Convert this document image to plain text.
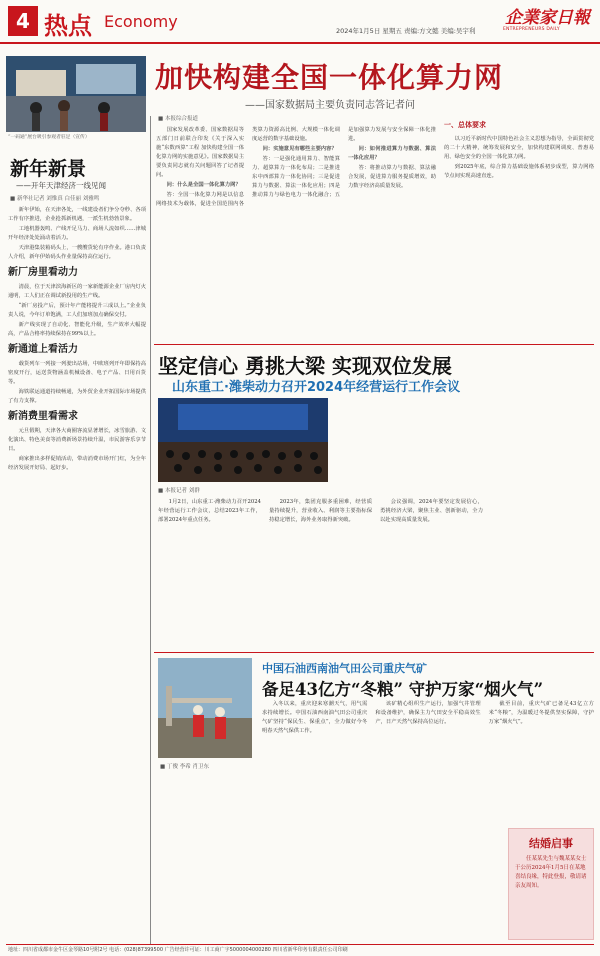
4 热点 Economy	2024年1月5日 星期五 责编:方文懿 美编:吴宇利
企業家日報
ENTREPRENEURS DAILY
加快构建全国一体化算力网
——国家数据局主要负责同志答记者问
“一码通”展台吸引参观者驻足（宣传）
新年新景
——开年天津经济一线见闻
■ 新华社记者 刘惟真 白佳丽 刘雅鸣

新年伊始，在天津各处，一线建设者们争分夺秒、各项工作有序推进，企业抢抓新机遇，一派生机勃勃景象。

工地机器轰鸣、产线开足马力、商场人流如织……津城开年经济处处涌动着活力。

天津港集装箱码头上，一艘艘货轮有序作业。港口负责人介绍，新年伊始码头作业量保持高位运行。

新厂房里看动力

清晨，位于天津滨海新区的一家新能源企业厂房内灯火通明，工人们正在调试新投用的生产线。

“新厂房投产后，预计年产能将提升三成以上。”企业负责人说，今年订单饱满，工人们加班加点确保交付。

新产线实现了自动化、智能化升级，生产效率大幅提高，产品合格率持续保持在99%以上。

新通道上看活力

载货列车一列接一列驶出站场，中欧班列开年即保持高密度开行，运送货物涵盖机械设备、电子产品、日用百货等。

海铁联运通道持续畅通，为外贸企业开拓国际市场提供了有力支撑。

新消费里看需求

元旦假期，天津各大商圈客流显著增长，冰雪旅游、文化演出、特色美食等消费新场景持续升温，市民游客乐享节日。

商家推出多样促销活动，带动消费市场开门红，为全年经济发展开好局、起好步。

■ 本报综合报道

国家发展改革委、国家数据局等五部门日前联合印发《关于深入实施“东数西算”工程 加快构建全国一体化算力网的实施意见》。国家数据局主要负责同志就有关问题回答了记者提问。

问：什么是全国一体化算力网？

答：全国一体化算力网是以信息网络技术为载体，促进全国范围内各类算力资源高比例、大规模一体化调度运营的数字基础设施。

问：实施意见有哪些主要内容？

答：一是强化通用算力、智能算力、超算算力一体化布局；二是推进东中西部算力一体化协同；三是促进算力与数据、算法一体化应用；四是推动算力与绿色电力一体化融合；五是加强算力发展与安全保障一体化推进。

问：如何推进算力与数据、算法一体化应用？

答：将推动算力与数据、算法融合发展，促进算力服务提质增效，助力数字经济高质量发展。

一、总体要求

以习近平新时代中国特色社会主义思想为指导，全面贯彻党的二十大精神，统筹发展和安全，加快构建联网调度、普惠易用、绿色安全的全国一体化算力网。

到2025年底，综合算力基础设施体系初步成型，算力网络节点间实现高速直连。

坚定信心 勇挑大梁 实现双位发展
山东重工·潍柴动力召开2024年经营运行工作会议
■ 本报记者 刘群

1月2日，山东重工·潍柴动力召开2024年经营运行工作会议，总结2023年工作，部署2024年重点任务。

2023年，集团克服多重困难，经营质量持续提升，营业收入、利润等主要指标保持稳定增长，海外业务取得新突破。

会议强调，2024年要坚定发展信心，勇挑经济大梁，聚焦主业、创新驱动，全力以赴实现高质量发展。

中国石油西南油气田公司重庆气矿
备足43亿方“冬粮” 守护万家“烟火气”
■ 丁俊 李希 肖卫东

入冬以来，重庆迎来寒潮天气，用气需求持续增长。中国石油西南油气田公司重庆气矿坚持“保民生、保重点”，全力做好今冬明春天然气保供工作。

该矿精心组织生产运行，加强气井管理和设备维护，确保主力气田安全平稳高效生产，日产天然气保持高位运行。

截至目前，重庆气矿已备足43亿立方米“冬粮”，为温暖过冬提供坚实保障，守护万家“烟火气”。

结婚启事
任某某先生与魏某某女士于公历2024年1月5日在某地喜结良缘，特此登报，敬请诸亲友周知。
地址：四川省成都市金牛区金琴路10号附2号 电话：(028)87399500 广告经营许可证：川工商广字5000004000280 四川省新华印务有限责任公司印刷
